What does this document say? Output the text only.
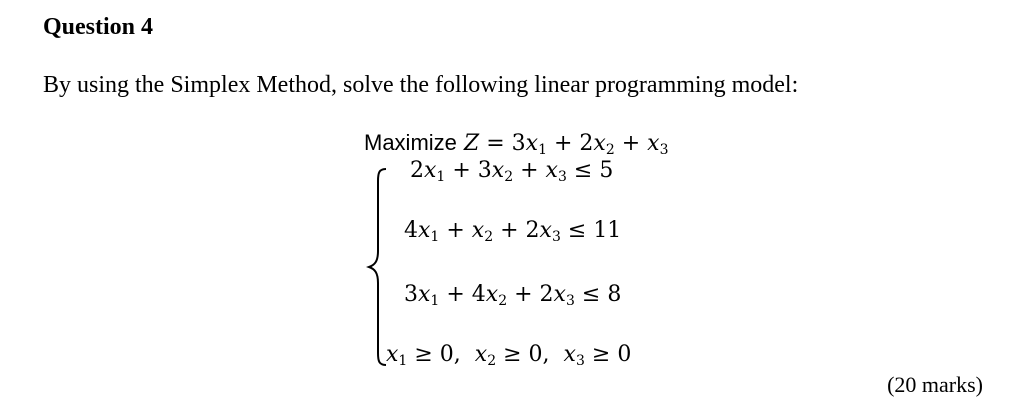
Question 4
By using the Simplex Method, solve the following linear programming model:
Maximize $Z = 3x_1 + 2x_2 + x_3$
$2x_1 + 3x_2 + x_3 \le 5$
$4x_1 + x_2 + 2x_3 \le 11$
$3x_1 + 4x_2 + 2x_3 \le 8$
$x_1 \ge 0$,  $x_2 \ge 0$,  $x_3 \ge 0$
(20 marks)
